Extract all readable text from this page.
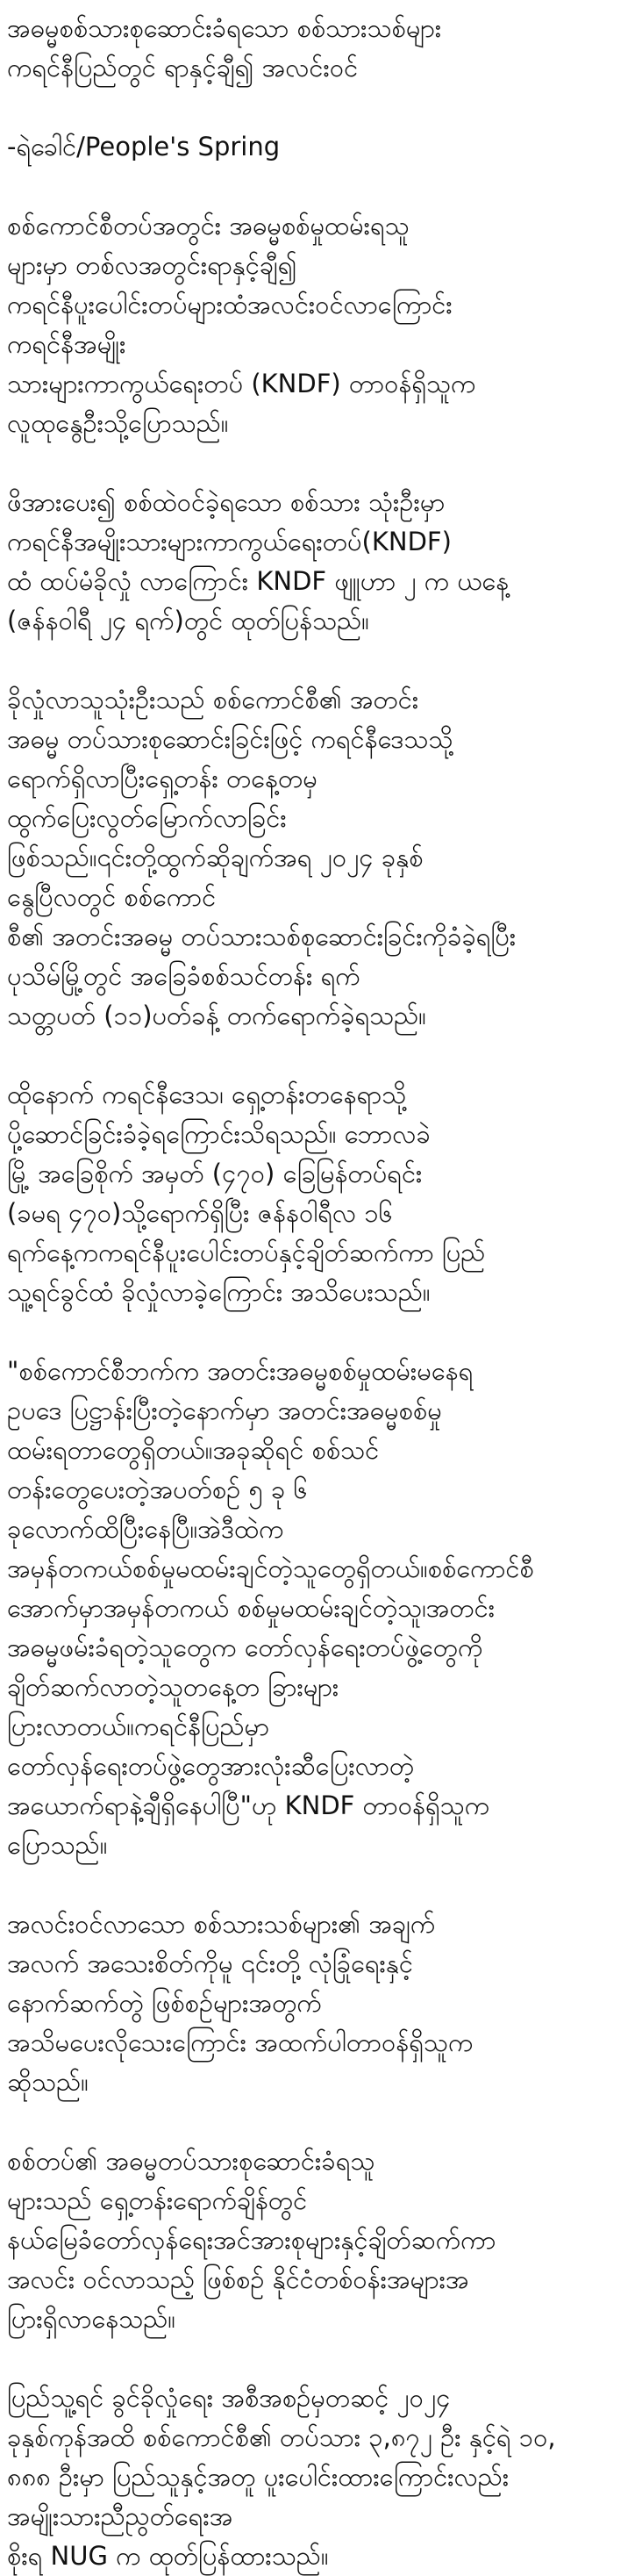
အဓမ္မစစ်သားစုဆောင်းခံရသော စစ်သားသစ်များ
ကရင်နီပြည်တွင် ရာနှင့်ချီ၍ အလင်းဝင်

-ရဲခေါင်/People's Spring

စစ်ကောင်စီတပ်အတွင်း အဓမ္မစစ်မှုထမ်းရသူ
များမှာ တစ်လအတွင်းရာနှင့်ချီ၍
ကရင်နီပူးပေါင်းတပ်များထံအလင်းဝင်လာကြောင်း
ကရင်နီအမျိုး
သားများကာကွယ်ရေးတပ် (KNDF) တာဝန်ရှိသူက
လူထုနွေဦးသို့ပြောသည်။

ဖိအားပေး၍ စစ်ထဲဝင်ခဲ့ရသော စစ်သား သုံးဦးမှာ
ကရင်နီအမျိုးသားများကာကွယ်ရေးတပ်(KNDF)
ထံ ထပ်မံခိုလှုံ လာကြောင်း KNDF ဖျူဟာ ၂ က ယနေ့
(ဇန်နဝါရီ ၂၄ ရက်)တွင် ထုတ်ပြန်သည်။

ခိုလှုံလာသူသုံးဦးသည် စစ်ကောင်စီ၏ အတင်း
အဓမ္မ တပ်သားစုဆောင်းခြင်းဖြင့် ကရင်နီဒေသသို့
ရောက်ရှိလာပြီးရှေ့တန်း တနေ့တမှ
ထွက်ပြေးလွတ်မြောက်လာခြင်း
ဖြစ်သည်။၎င်းတို့ထွက်ဆိုချက်အရ ၂၀၂၄ ခုနှစ်
နွေပြီလတွင် စစ်ကောင်
စီ၏ အတင်းအဓမ္မ တပ်သားသစ်စုဆောင်းခြင်းကိုခံခဲ့ရပြီး
ပုသိမ်မြို့တွင် အခြေခံစစ်သင်တန်း ရက်
သတ္တပတ် (၁၁)ပတ်ခန့် တက်ရောက်ခဲ့ရသည်။

ထိုနောက် ကရင်နီဒေသ၊ ရှေ့တန်းတနေရာသို့
ပို့ဆောင်ခြင်းခံခဲ့ရကြောင်းသိရသည်။ ဘောလခဲ
မြို့ အခြေစိုက် အမှတ် (၄၇၀) ခြေမြန်တပ်ရင်း
(ခမရ ၄၇၀)သို့ရောက်ရှိပြီး ဇန်နဝါရီလ ၁၆
ရက်နေ့ကကရင်နီပူးပေါင်းတပ်နှင့်ချိတ်ဆက်ကာ ပြည်
သူ့ရင်ခွင်ထံ ခိုလှုံလာခဲ့ကြောင်း အသိပေးသည်။

"စစ်ကောင်စီဘက်က အတင်းအဓမ္မစစ်မှုထမ်းမနေရ
ဥပဒေ ပြဋ္ဌာန်းပြီးတဲ့နောက်မှာ အတင်းအဓမ္မစစ်မှု
ထမ်းရတာတွေရှိတယ်။အခုဆိုရင် စစ်သင်
တန်းတွေပေးတဲ့အပတ်စဉ် ၅ ခု ၆
ခုလောက်ထိပြီးနေပြီ။အဲဒီထဲက
အမှန်တကယ်စစ်မှုမထမ်းချင်တဲ့သူတွေရှိတယ်။စစ်ကောင်စီ
အောက်မှာအမှန်တကယ် စစ်မှုမထမ်းချင်တဲ့သူ၊အတင်း
အဓမ္မဖမ်းခံရတဲ့သူတွေက တော်လှန်ရေးတပ်ဖွဲ့တွေကို
ချိတ်ဆက်လာတဲ့သူတနေ့တ ခြားများ
ပြားလာတယ်။ကရင်နီပြည်မှာ
တော်လှန်ရေးတပ်ဖွဲ့တွေအားလုံးဆီပြေးလာတဲ့
အယောက်ရာနဲ့ချီရှိနေပါပြီ"ဟု KNDF တာဝန်ရှိသူက
ပြောသည်။

အလင်းဝင်လာသော စစ်သားသစ်များ၏ အချက်
အလက် အသေးစိတ်ကိုမူ ၎င်းတို့ လုံခြုံရေးနှင့်
နောက်ဆက်တွဲ ဖြစ်စဉ်များအတွက်
အသိမပေးလိုသေးကြောင်း အထက်ပါတာဝန်ရှိသူက
ဆိုသည်။

စစ်တပ်၏ အဓမ္မတပ်သားစုဆောင်းခံရသူ
များသည် ရှေ့တန်းရောက်ချိန်တွင်
နယ်မြေခံတော်လှန်ရေးအင်အားစုများနှင့်ချိတ်ဆက်ကာ
အလင်း ဝင်လာသည့် ဖြစ်စဉ် နိုင်ငံတစ်ဝန်းအများအ
ပြားရှိလာနေသည်။

ပြည်သူ့ရင် ခွင်ခိုလှုံရေး အစီအစဉ်မှတဆင့် ၂၀၂၄
ခုနှစ်ကုန်အထိ စစ်ကောင်စီ၏ တပ်သား ၃,၈၇၂ ဦး နှင့်ရဲ ၁၀,
၈၈၈ ဦးမှာ ပြည်သူနှင့်အတူ ပူးပေါင်းထားကြောင်းလည်း
အမျိုးသားညီညွတ်ရေးအ
စိုးရ NUG က ထုတ်ပြန်ထားသည်။
